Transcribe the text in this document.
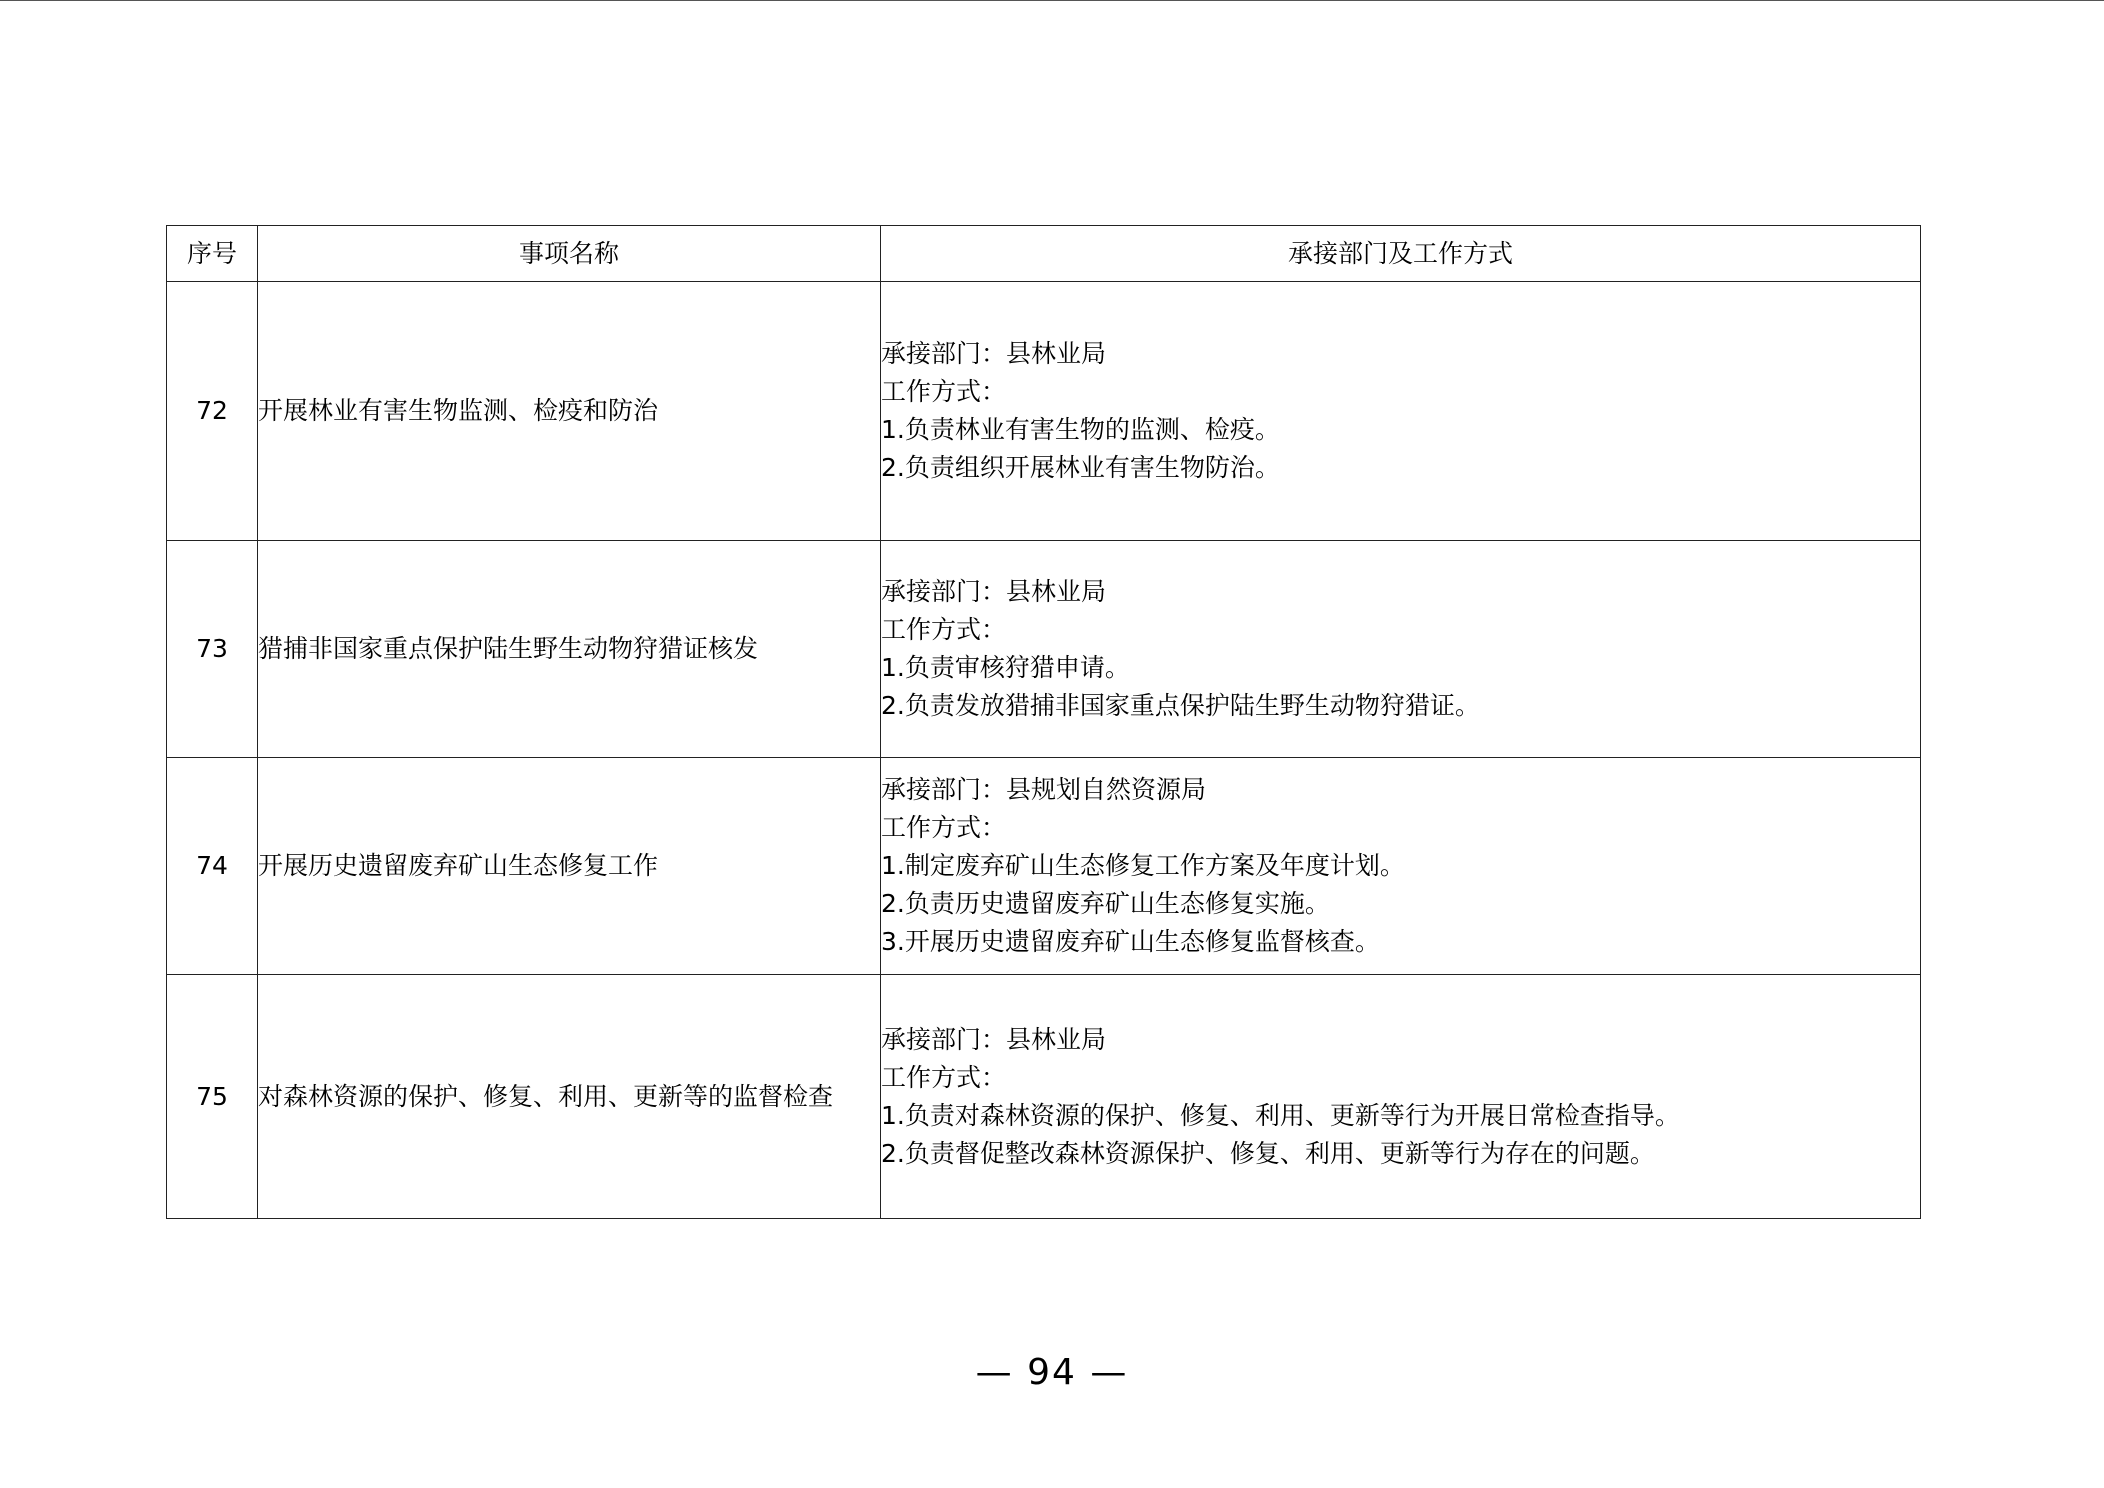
序号	事项名称	承接部门及工作方式
72	开展林业有害生物监测、检疫和防治	承接部门：县林业局
工作方式：
1.负责林业有害生物的监测、检疫。
2.负责组织开展林业有害生物防治。

73	猎捕非国家重点保护陆生野生动物狩猎证核发	承接部门：县林业局
工作方式：
1.负责审核狩猎申请。
2.负责发放猎捕非国家重点保护陆生野生动物狩猎证。

74	开展历史遗留废弃矿山生态修复工作	承接部门：县规划自然资源局
工作方式：
1.制定废弃矿山生态修复工作方案及年度计划。
2.负责历史遗留废弃矿山生态修复实施。
3.开展历史遗留废弃矿山生态修复监督核查。

75	对森林资源的保护、修复、利用、更新等的监督检查	承接部门：县林业局
工作方式：
1.负责对森林资源的保护、修复、利用、更新等行为开展日常检查指导。
2.负责督促整改森林资源保护、修复、利用、更新等行为存在的问题。
— 94 —
